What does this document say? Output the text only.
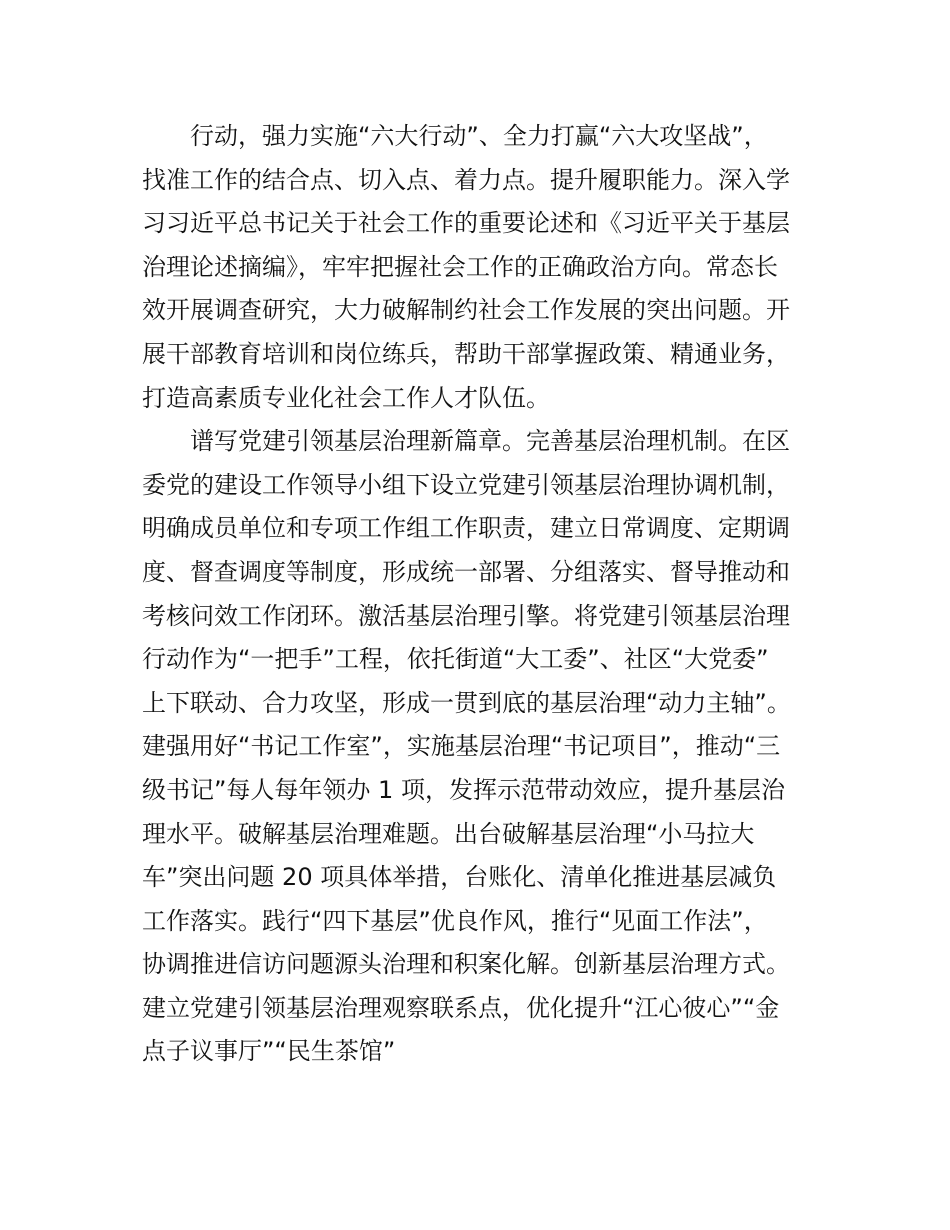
行动，强力实施“六大行动”、全力打赢“六大攻坚战”，
找准工作的结合点、切入点、着力点。提升履职能力。深入学
习习近平总书记关于社会工作的重要论述和《习近平关于基层
治理论述摘编》，牢牢把握社会工作的正确政治方向。常态长
效开展调查研究，大力破解制约社会工作发展的突出问题。开
展干部教育培训和岗位练兵，帮助干部掌握政策、精通业务，
打造高素质专业化社会工作人才队伍。
谱写党建引领基层治理新篇章。完善基层治理机制。在区
委党的建设工作领导小组下设立党建引领基层治理协调机制，
明确成员单位和专项工作组工作职责，建立日常调度、定期调
度、督查调度等制度，形成统一部署、分组落实、督导推动和
考核问效工作闭环。激活基层治理引擎。将党建引领基层治理
行动作为“一把手”工程，依托街道“大工委”、社区“大党委”
上下联动、合力攻坚，形成一贯到底的基层治理“动力主轴”。
建强用好“书记工作室”，实施基层治理“书记项目”，推动“三
级书记”每人每年领办 1 项，发挥示范带动效应，提升基层治
理水平。破解基层治理难题。出台破解基层治理“小马拉大
车”突出问题 20 项具体举措，台账化、清单化推进基层减负
工作落实。践行“四下基层”优良作风，推行“见面工作法”，
协调推进信访问题源头治理和积案化解。创新基层治理方式。
建立党建引领基层治理观察联系点，优化提升“江心彼心”“金
点子议事厅”“民生茶馆”
